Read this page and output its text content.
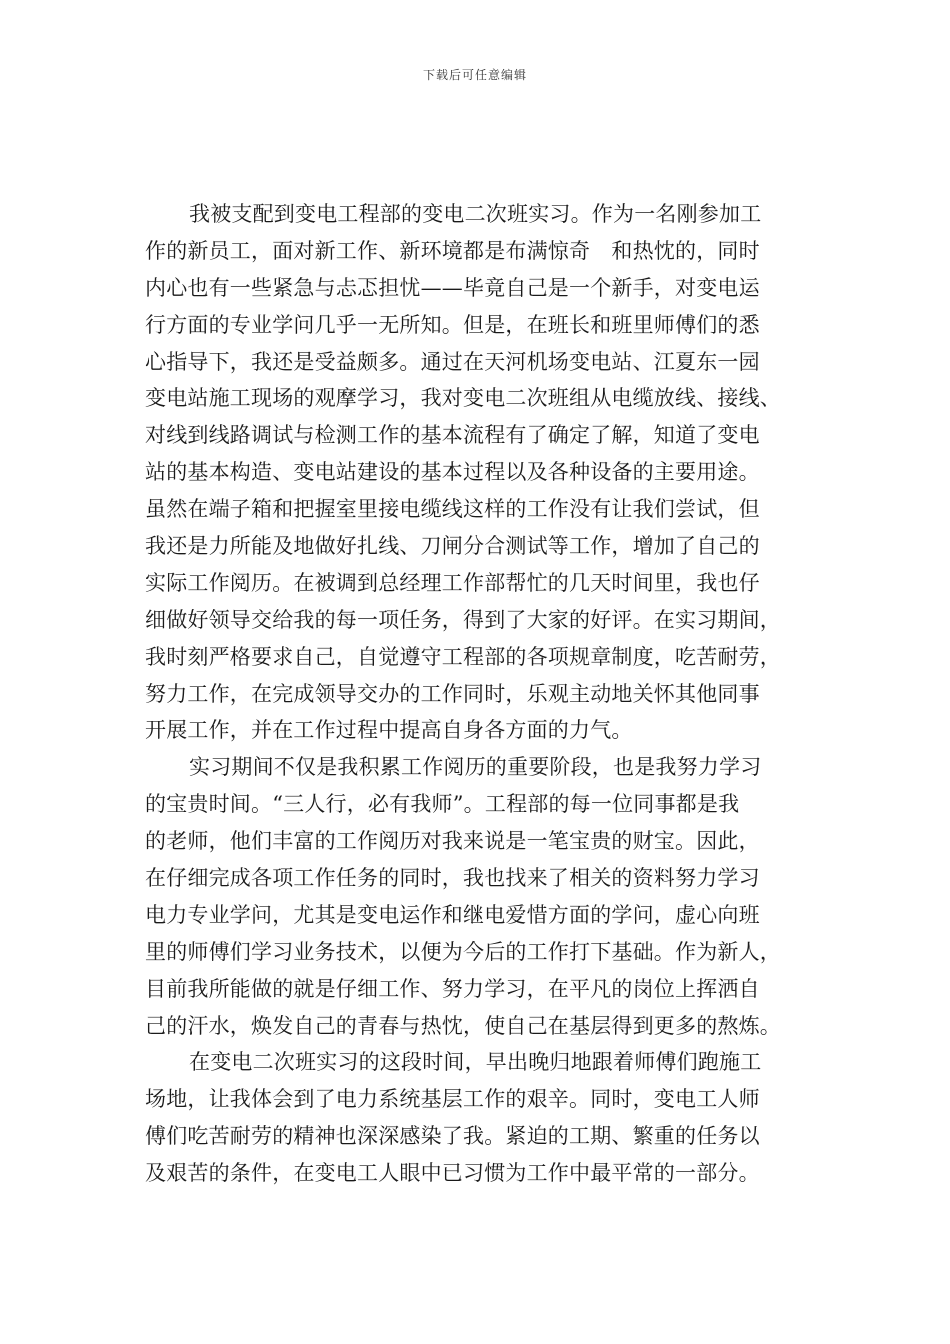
下载后可任意编辑
我被支配到变电工程部的变电二次班实习。作为一名刚参加工
作的新员工，面对新工作、新环境都是布满惊奇　和热忱的，同时
内心也有一些紧急与忐忑担忧——毕竟自己是一个新手，对变电运
行方面的专业学问几乎一无所知。但是，在班长和班里师傅们的悉
心指导下，我还是受益颇多。通过在天河机场变电站、江夏东一园
变电站施工现场的观摩学习，我对变电二次班组从电缆放线、接线、
对线到线路调试与检测工作的基本流程有了确定了解，知道了变电
站的基本构造、变电站建设的基本过程以及各种设备的主要用途。
虽然在端子箱和把握室里接电缆线这样的工作没有让我们尝试，但
我还是力所能及地做好扎线、刀闸分合测试等工作，增加了自己的
实际工作阅历。在被调到总经理工作部帮忙的几天时间里，我也仔
细做好领导交给我的每一项任务，得到了大家的好评。在实习期间，
我时刻严格要求自己，自觉遵守工程部的各项规章制度，吃苦耐劳，
努力工作，在完成领导交办的工作同时，乐观主动地关怀其他同事
开展工作，并在工作过程中提高自身各方面的力气。
实习期间不仅是我积累工作阅历的重要阶段，也是我努力学习
的宝贵时间。“三人行，必有我师”。工程部的每一位同事都是我
的老师，他们丰富的工作阅历对我来说是一笔宝贵的财宝。因此，
在仔细完成各项工作任务的同时，我也找来了相关的资料努力学习
电力专业学问，尤其是变电运作和继电爱惜方面的学问，虚心向班
里的师傅们学习业务技术，以便为今后的工作打下基础。作为新人，
目前我所能做的就是仔细工作、努力学习，在平凡的岗位上挥洒自
己的汗水，焕发自己的青春与热忱，使自己在基层得到更多的熬炼。
在变电二次班实习的这段时间，早出晚归地跟着师傅们跑施工
场地，让我体会到了电力系统基层工作的艰辛。同时，变电工人师
傅们吃苦耐劳的精神也深深感染了我。紧迫的工期、繁重的任务以
及艰苦的条件，在变电工人眼中已习惯为工作中最平常的一部分。
